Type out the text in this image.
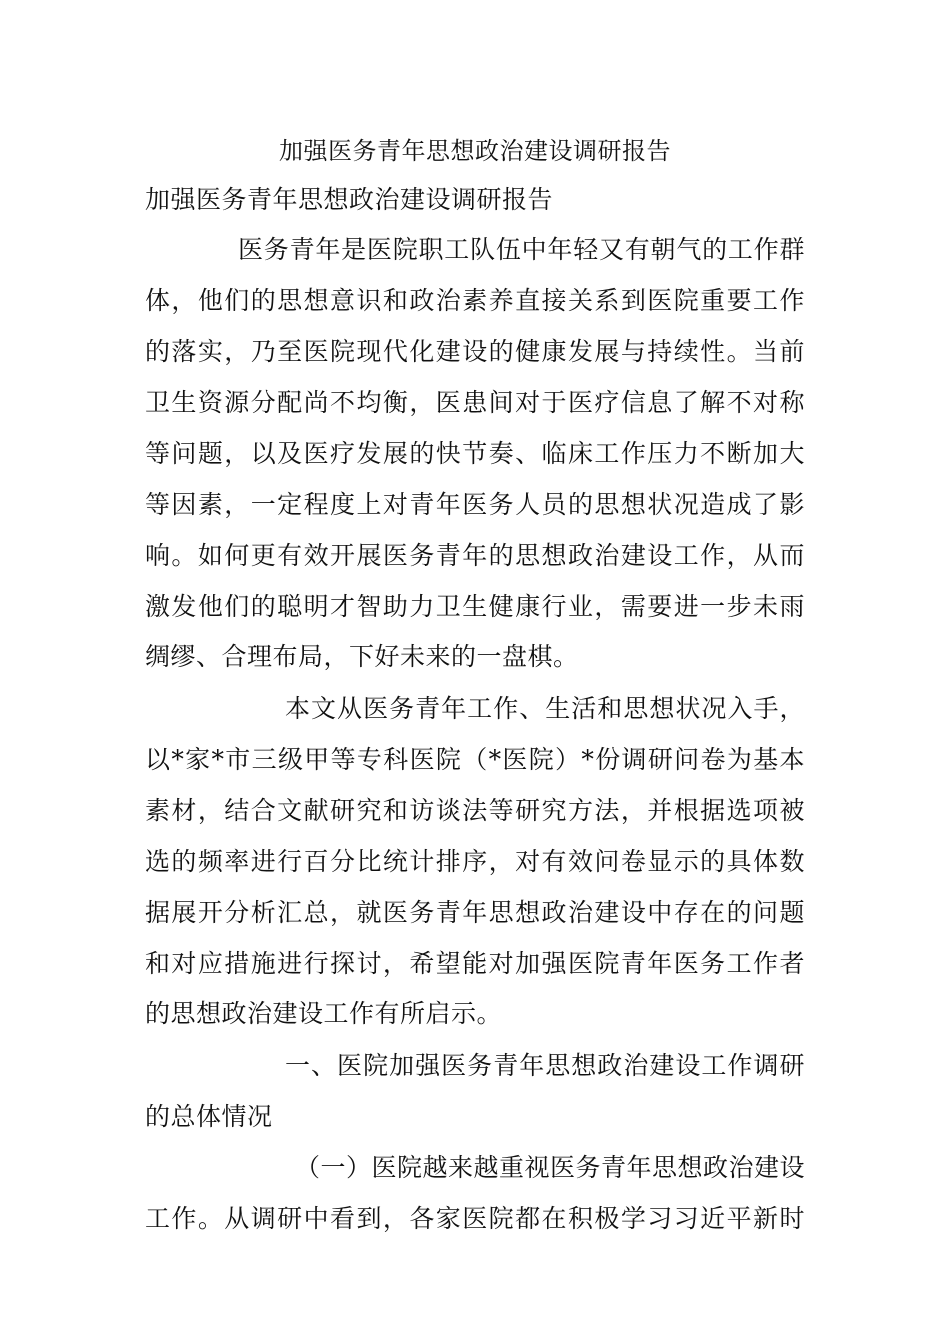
加强医务青年思想政治建设调研报告
加强医务青年思想政治建设调研报告
医务青年是医院职工队伍中年轻又有朝气的工作群
体，他们的思想意识和政治素养直接关系到医院重要工作
的落实，乃至医院现代化建设的健康发展与持续性。当前
卫生资源分配尚不均衡，医患间对于医疗信息了解不对称
等问题，以及医疗发展的快节奏、临床工作压力不断加大
等因素，一定程度上对青年医务人员的思想状况造成了影
响。如何更有效开展医务青年的思想政治建设工作，从而
激发他们的聪明才智助力卫生健康行业，需要进一步未雨
绸缪、合理布局，下好未来的一盘棋。
本文从医务青年工作、生活和思想状况入手，
以*家*市三级甲等专科医院（*医院）*份调研问卷为基本
素材，结合文献研究和访谈法等研究方法，并根据选项被
选的频率进行百分比统计排序，对有效问卷显示的具体数
据展开分析汇总，就医务青年思想政治建设中存在的问题
和对应措施进行探讨，希望能对加强医院青年医务工作者
的思想政治建设工作有所启示。
一、医院加强医务青年思想政治建设工作调研
的总体情况
（一）医院越来越重视医务青年思想政治建设
工作。从调研中看到，各家医院都在积极学习习近平新时
